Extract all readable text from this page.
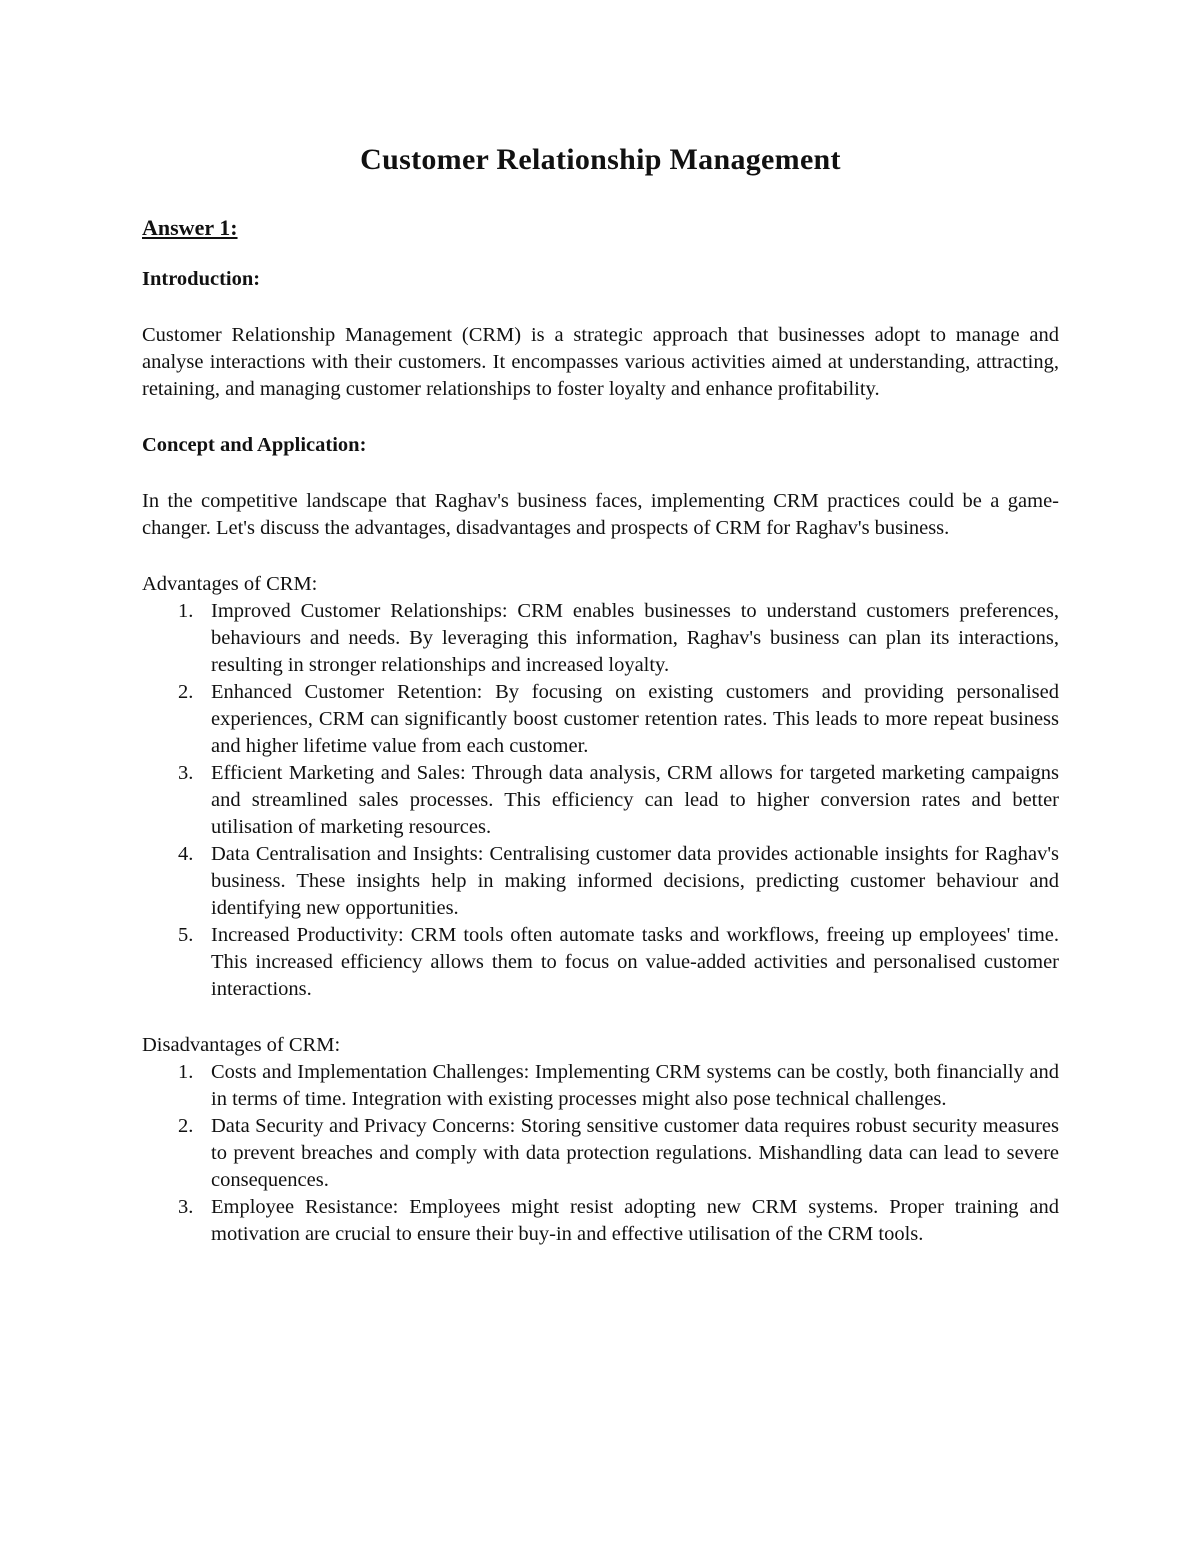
Customer Relationship Management
Answer 1:
Introduction:

Customer Relationship Management (CRM) is a strategic approach that businesses adopt to manage and analyse interactions with their customers. It encompasses various activities aimed at understanding, attracting, retaining, and managing customer relationships to foster loyalty and enhance profitability.

Concept and Application:

In the competitive landscape that Raghav's business faces, implementing CRM practices could be a game-changer. Let's discuss the advantages, disadvantages and prospects of CRM for Raghav's business.

Advantages of CRM:
1. Improved Customer Relationships: CRM enables businesses to understand customers preferences, behaviours and needs. By leveraging this information, Raghav's business can plan its interactions, resulting in stronger relationships and increased loyalty.
2. Enhanced Customer Retention: By focusing on existing customers and providing personalised experiences, CRM can significantly boost customer retention rates. This leads to more repeat business and higher lifetime value from each customer.
3. Efficient Marketing and Sales: Through data analysis, CRM allows for targeted marketing campaigns and streamlined sales processes. This efficiency can lead to higher conversion rates and better utilisation of marketing resources.
4. Data Centralisation and Insights: Centralising customer data provides actionable insights for Raghav's business. These insights help in making informed decisions, predicting customer behaviour and identifying new opportunities.
5. Increased Productivity: CRM tools often automate tasks and workflows, freeing up employees' time. This increased efficiency allows them to focus on value-added activities and personalised customer interactions.
Disadvantages of CRM:
1. Costs and Implementation Challenges: Implementing CRM systems can be costly, both financially and in terms of time. Integration with existing processes might also pose technical challenges.
2. Data Security and Privacy Concerns: Storing sensitive customer data requires robust security measures to prevent breaches and comply with data protection regulations. Mishandling data can lead to severe consequences.
3. Employee Resistance: Employees might resist adopting new CRM systems. Proper training and motivation are crucial to ensure their buy-in and effective utilisation of the CRM tools.
